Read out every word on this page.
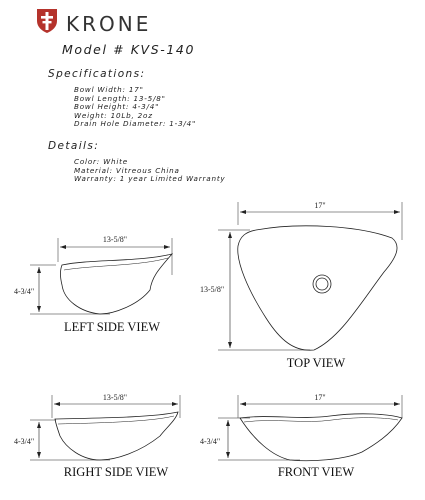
KRONE
Model # KVS-140
Specifications:
Bowl Width: 17"
Bowl Length: 13-5/8"
Bowl Height: 4-3/4"
Weight: 10Lb, 2oz
Drain Hole Diameter: 1-3/4"
Details:
Color: White
Material: Vitreous China
Warranty: 1 year Limited Warranty
13-5/8"
4-3/4"
LEFT SIDE VIEW
17"
13-5/8"
TOP VIEW
13-5/8"
4-3/4"
RIGHT SIDE VIEW
17"
4-3/4"
FRONT VIEW
